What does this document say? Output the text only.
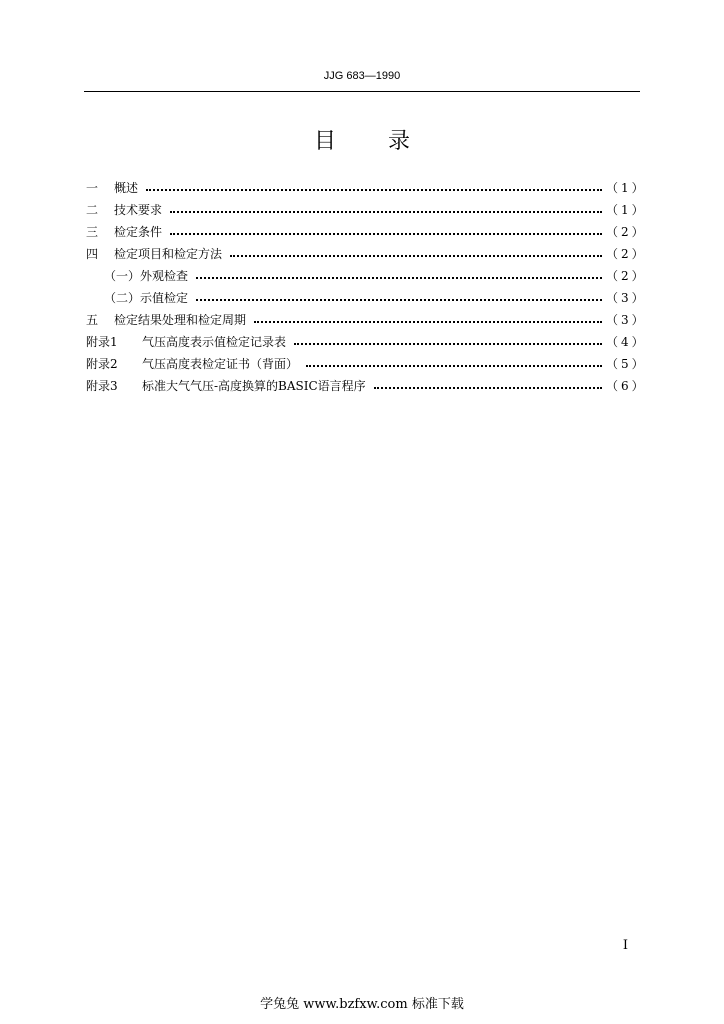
JJG 683—1990
目录
一	概述	（1）
二	技术要求	（1）
三	检定条件	（2）
四	检定项目和检定方法	（2）
（一）外观检查	（2）
（二）示值检定	（3）
五	检定结果处理和检定周期	（3）
附录1	气压高度表示值检定记录表	（4）
附录2	气压高度表检定证书（背面）	（5）
附录3	标准大气气压-高度换算的BASIC语言程序	（6）
I
学兔兔 www.bzfxw.com 标准下载
